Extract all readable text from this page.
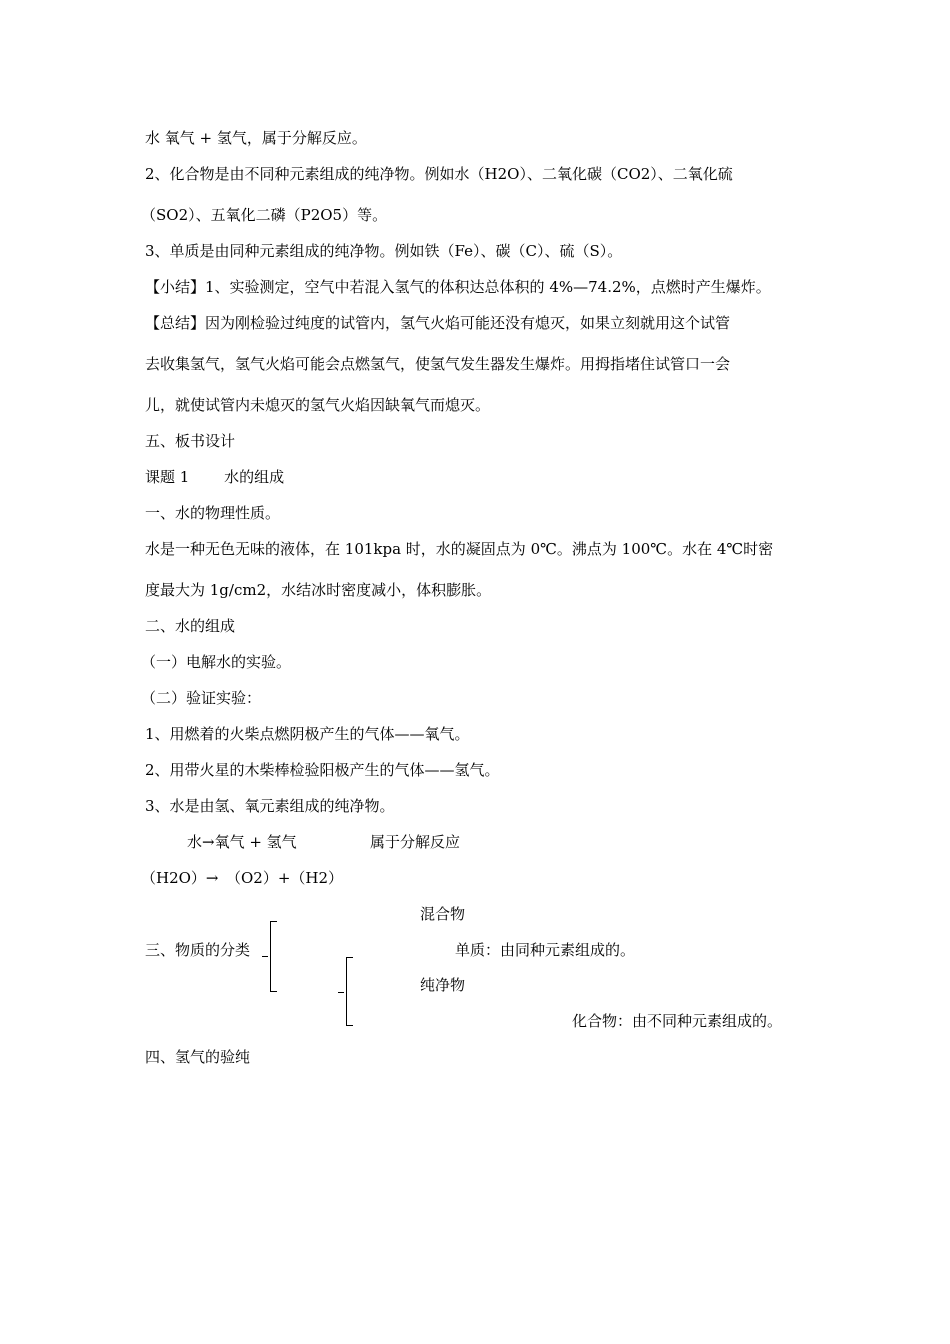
水 氧气 + 氢气，属于分解反应。
2、化合物是由不同种元素组成的纯净物。例如水（H2O）、二氧化碳（CO2）、二氧化硫
（SO2）、五氧化二磷（P2O5）等。
3、单质是由同种元素组成的纯净物。例如铁（Fe）、碳（C）、硫（S）。
【小结】1、实验测定，空气中若混入氢气的体积达总体积的 4%—74.2%，点燃时产生爆炸。
【总结】因为刚检验过纯度的试管内，氢气火焰可能还没有熄灭，如果立刻就用这个试管
去收集氢气，氢气火焰可能会点燃氢气，使氢气发生器发生爆炸。用拇指堵住试管口一会
儿，就使试管内未熄灭的氢气火焰因缺氧气而熄灭。
五、板书设计
课题 1　　 水的组成
一、水的物理性质。
水是一种无色无味的液体，在 101kpa 时，水的凝固点为 0℃。沸点为 100℃。水在 4℃时密
度最大为 1g/cm2，水结冰时密度减小，体积膨胀。
二、水的组成
（一）电解水的实验。
（二）验证实验：
1、用燃着的火柴点燃阴极产生的气体——氧气。
2、用带火星的木柴棒检验阳极产生的气体——氢气。
3、水是由氢、氧元素组成的纯净物。
水→氧气 + 氢气	属于分解反应
（H2O）→　（O2）+（H2）
混合物
三、物质的分类	单质：由同种元素组成的。
纯净物
化合物：由不同种元素组成的。
四、氢气的验纯
